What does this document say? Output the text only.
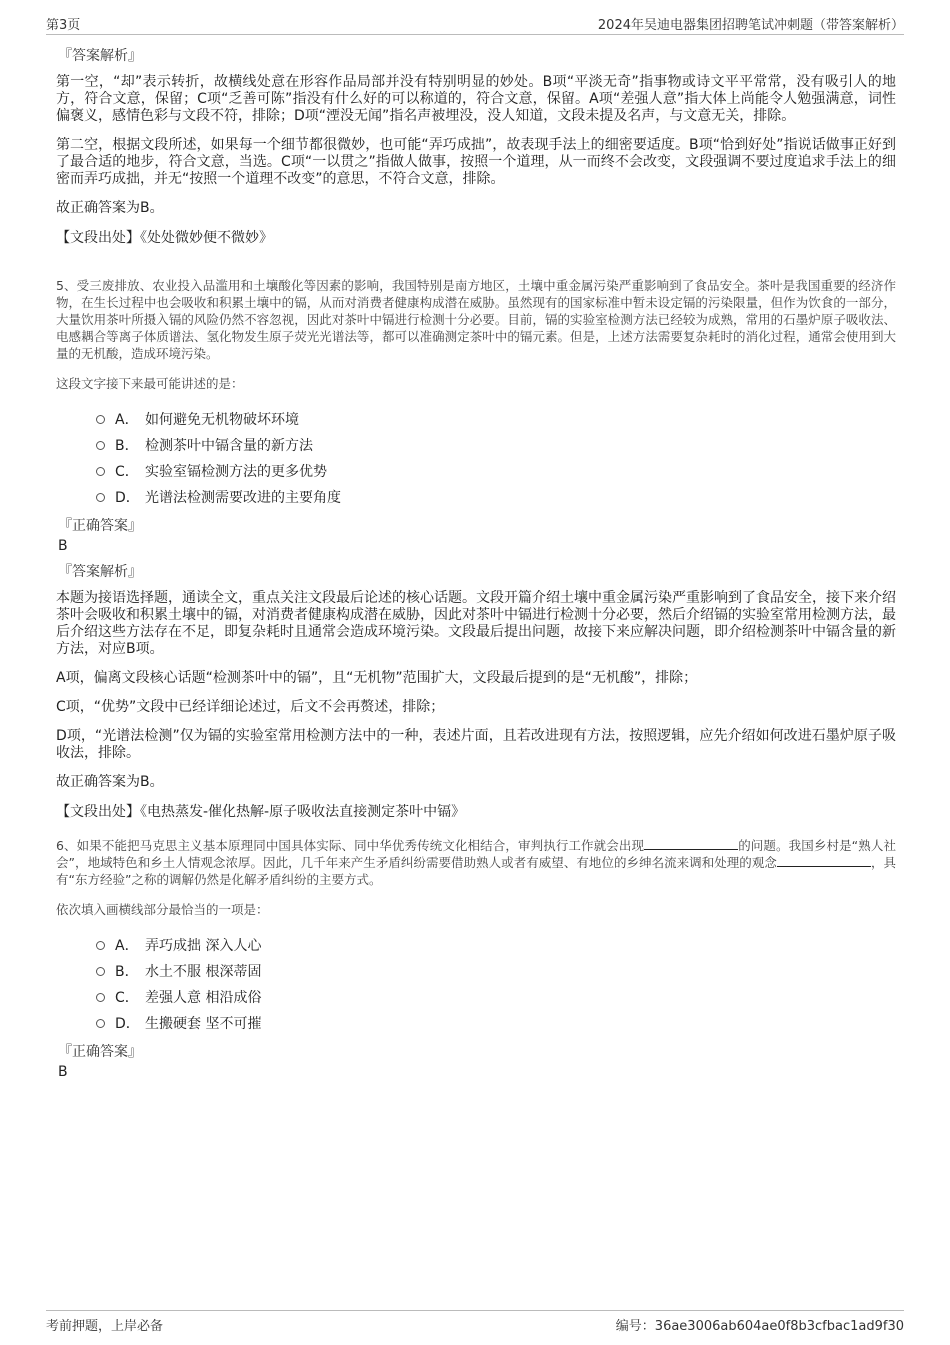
第3页	2024年吴迪电器集团招聘笔试冲刺题（带答案解析）
『答案解析』

第一空，“却”表示转折，故横线处意在形容作品局部并没有特别明显的妙处。B项“平淡无奇”指事物或诗文平平常常，没有吸引人的地方，符合文意，保留；C项“乏善可陈”指没有什么好的可以称道的，符合文意，保留。A项“差强人意”指大体上尚能令人勉强满意，词性偏褒义，感情色彩与文段不符，排除；D项“湮没无闻”指名声被埋没，没人知道，文段未提及名声，与文意无关，排除。

第二空，根据文段所述，如果每一个细节都很微妙，也可能“弄巧成拙”，故表现手法上的细密要适度。B项“恰到好处”指说话做事正好到了最合适的地步，符合文意，当选。C项“一以贯之”指做人做事，按照一个道理，从一而终不会改变，文段强调不要过度追求手法上的细密而弄巧成拙，并无“按照一个道理不改变”的意思，不符合文意，排除。

故正确答案为B。

【文段出处】《处处微妙便不微妙》

5、受三废排放、农业投入品滥用和土壤酸化等因素的影响，我国特别是南方地区，土壤中重金属污染严重影响到了食品安全。茶叶是我国重要的经济作物，在生长过程中也会吸收和积累土壤中的镉，从而对消费者健康构成潜在威胁。虽然现有的国家标准中暂未设定镉的污染限量，但作为饮食的一部分，大量饮用茶叶所摄入镉的风险仍然不容忽视，因此对茶叶中镉进行检测十分必要。目前，镉的实验室检测方法已经较为成熟，常用的石墨炉原子吸收法、电感耦合等离子体质谱法、氢化物发生原子荧光光谱法等，都可以准确测定茶叶中的镉元素。但是，上述方法需要复杂耗时的消化过程，通常会使用到大量的无机酸，造成环境污染。

这段文字接下来最可能讲述的是：
A． 如何避免无机物破坏环境
B． 检测茶叶中镉含量的新方法
C． 实验室镉检测方法的更多优势
D． 光谱法检测需要改进的主要角度
『正确答案』
B
『答案解析』

本题为接语选择题，通读全文，重点关注文段最后论述的核心话题。文段开篇介绍土壤中重金属污染严重影响到了食品安全，接下来介绍茶叶会吸收和积累土壤中的镉，对消费者健康构成潜在威胁，因此对茶叶中镉进行检测十分必要，然后介绍镉的实验室常用检测方法，最后介绍这些方法存在不足，即复杂耗时且通常会造成环境污染。文段最后提出问题，故接下来应解决问题，即介绍检测茶叶中镉含量的新方法，对应B项。

A项，偏离文段核心话题“检测茶叶中的镉”，且“无机物”范围扩大，文段最后提到的是“无机酸”，排除；

C项，“优势”文段中已经详细论述过，后文不会再赘述，排除；

D项，“光谱法检测”仅为镉的实验室常用检测方法中的一种，表述片面，且若改进现有方法，按照逻辑，应先介绍如何改进石墨炉原子吸收法，排除。

故正确答案为B。

【文段出处】《电热蒸发-催化热解-原子吸收法直接测定茶叶中镉》

6、如果不能把马克思主义基本原理同中国具体实际、同中华优秀传统文化相结合，审判执行工作就会出现	的问题。我国乡村是“熟人社会”，地域特色和乡土人情观念浓厚。因此，几千年来产生矛盾纠纷需要借助熟人或者有威望、有地位的乡绅名流来调和处理的观念	，具有“东方经验”之称的调解仍然是化解矛盾纠纷的主要方式。

依次填入画横线部分最恰当的一项是：
A． 弄巧成拙 深入人心
B． 水土不服 根深蒂固
C． 差强人意 相沿成俗
D． 生搬硬套 坚不可摧
『正确答案』
B
考前押题，上岸必备	编号：36ae3006ab604ae0f8b3cfbac1ad9f30
